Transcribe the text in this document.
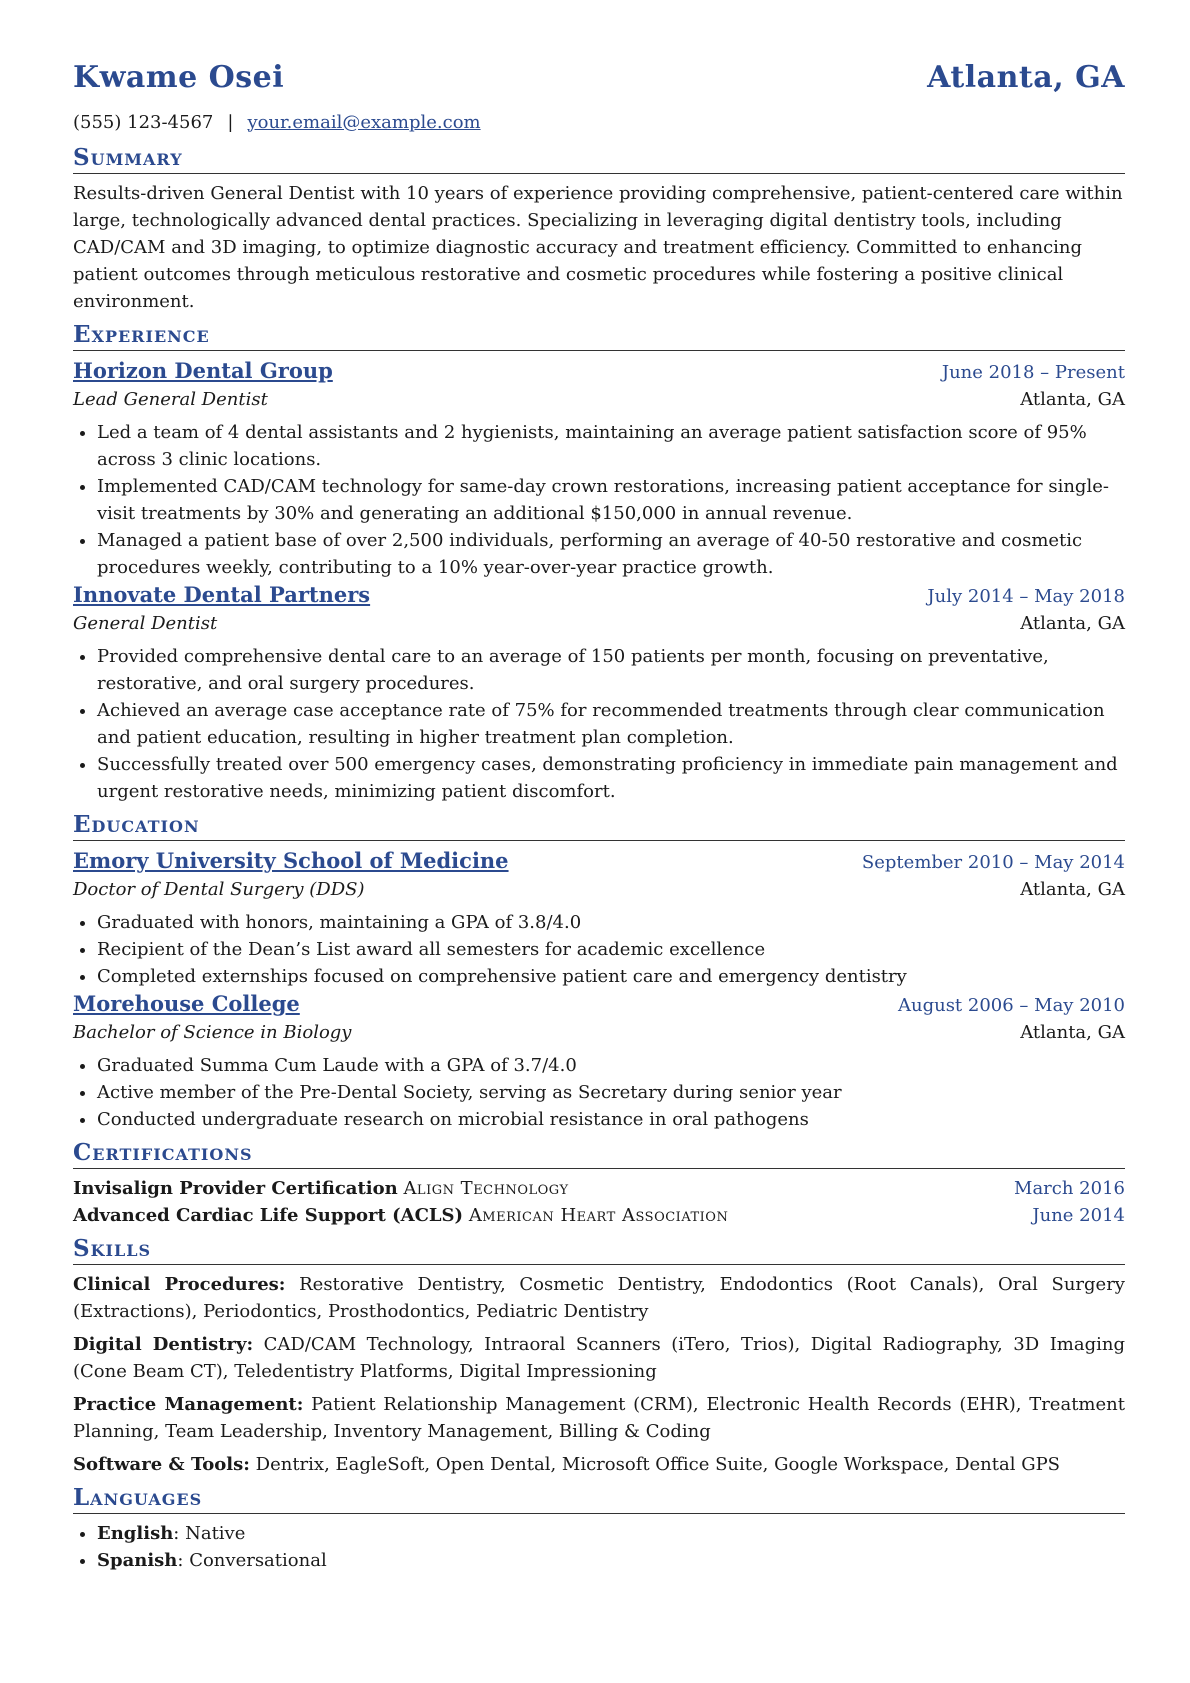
Kwame Osei	Atlanta, GA
(555) 123-4567 | your.email@example.com
Summary

Results-driven General Dentist with 10 years of experience providing comprehensive, patient-centered care within large, technologically advanced dental practices. Specializing in leveraging digital dentistry tools, including CAD/CAM and 3D imaging, to optimize diagnostic accuracy and treatment efficiency. Committed to enhancing patient outcomes through meticulous restorative and cosmetic procedures while fostering a positive clinical environment.

Experience
Horizon Dental Group	June 2018 – Present
Lead General Dentist	Atlanta, GA
• Led a team of 4 dental assistants and 2 hygienists, maintaining an average patient satisfaction score of 95% across 3 clinic locations.
• Implemented CAD/CAM technology for same-day crown restorations, increasing patient acceptance for single-visit treatments by 30% and generating an additional $150,000 in annual revenue.
• Managed a patient base of over 2,500 individuals, performing an average of 40-50 restorative and cosmetic procedures weekly, contributing to a 10% year-over-year practice growth.
Innovate Dental Partners	July 2014 – May 2018
General Dentist	Atlanta, GA
• Provided comprehensive dental care to an average of 150 patients per month, focusing on preventative, restorative, and oral surgery procedures.
• Achieved an average case acceptance rate of 75% for recommended treatments through clear communication and patient education, resulting in higher treatment plan completion.
• Successfully treated over 500 emergency cases, demonstrating proficiency in immediate pain management and urgent restorative needs, minimizing patient discomfort.
Education
Emory University School of Medicine	September 2010 – May 2014
Doctor of Dental Surgery (DDS)	Atlanta, GA
• Graduated with honors, maintaining a GPA of 3.8/4.0
• Recipient of the Dean’s List award all semesters for academic excellence
• Completed externships focused on comprehensive patient care and emergency dentistry
Morehouse College	August 2006 – May 2010
Bachelor of Science in Biology	Atlanta, GA
• Graduated Summa Cum Laude with a GPA of 3.7/4.0
• Active member of the Pre-Dental Society, serving as Secretary during senior year
• Conducted undergraduate research on microbial resistance in oral pathogens
Certifications
Invisalign Provider Certification Align Technology	March 2016
Advanced Cardiac Life Support (ACLS) American Heart Association	June 2014
Skills

Clinical Procedures: Restorative Dentistry, Cosmetic Dentistry, Endodontics (Root Canals), Oral Surgery (Extractions), Periodontics, Prosthodontics, Pediatric Dentistry

Digital Dentistry: CAD/CAM Technology, Intraoral Scanners (iTero, Trios), Digital Radiography, 3D Imaging (Cone Beam CT), Teledentistry Platforms, Digital Impressioning

Practice Management: Patient Relationship Management (CRM), Electronic Health Records (EHR), Treatment Planning, Team Leadership, Inventory Management, Billing & Coding

Software & Tools: Dentrix, EagleSoft, Open Dental, Microsoft Office Suite, Google Workspace, Dental GPS

Languages
• English: Native
• Spanish: Conversational
